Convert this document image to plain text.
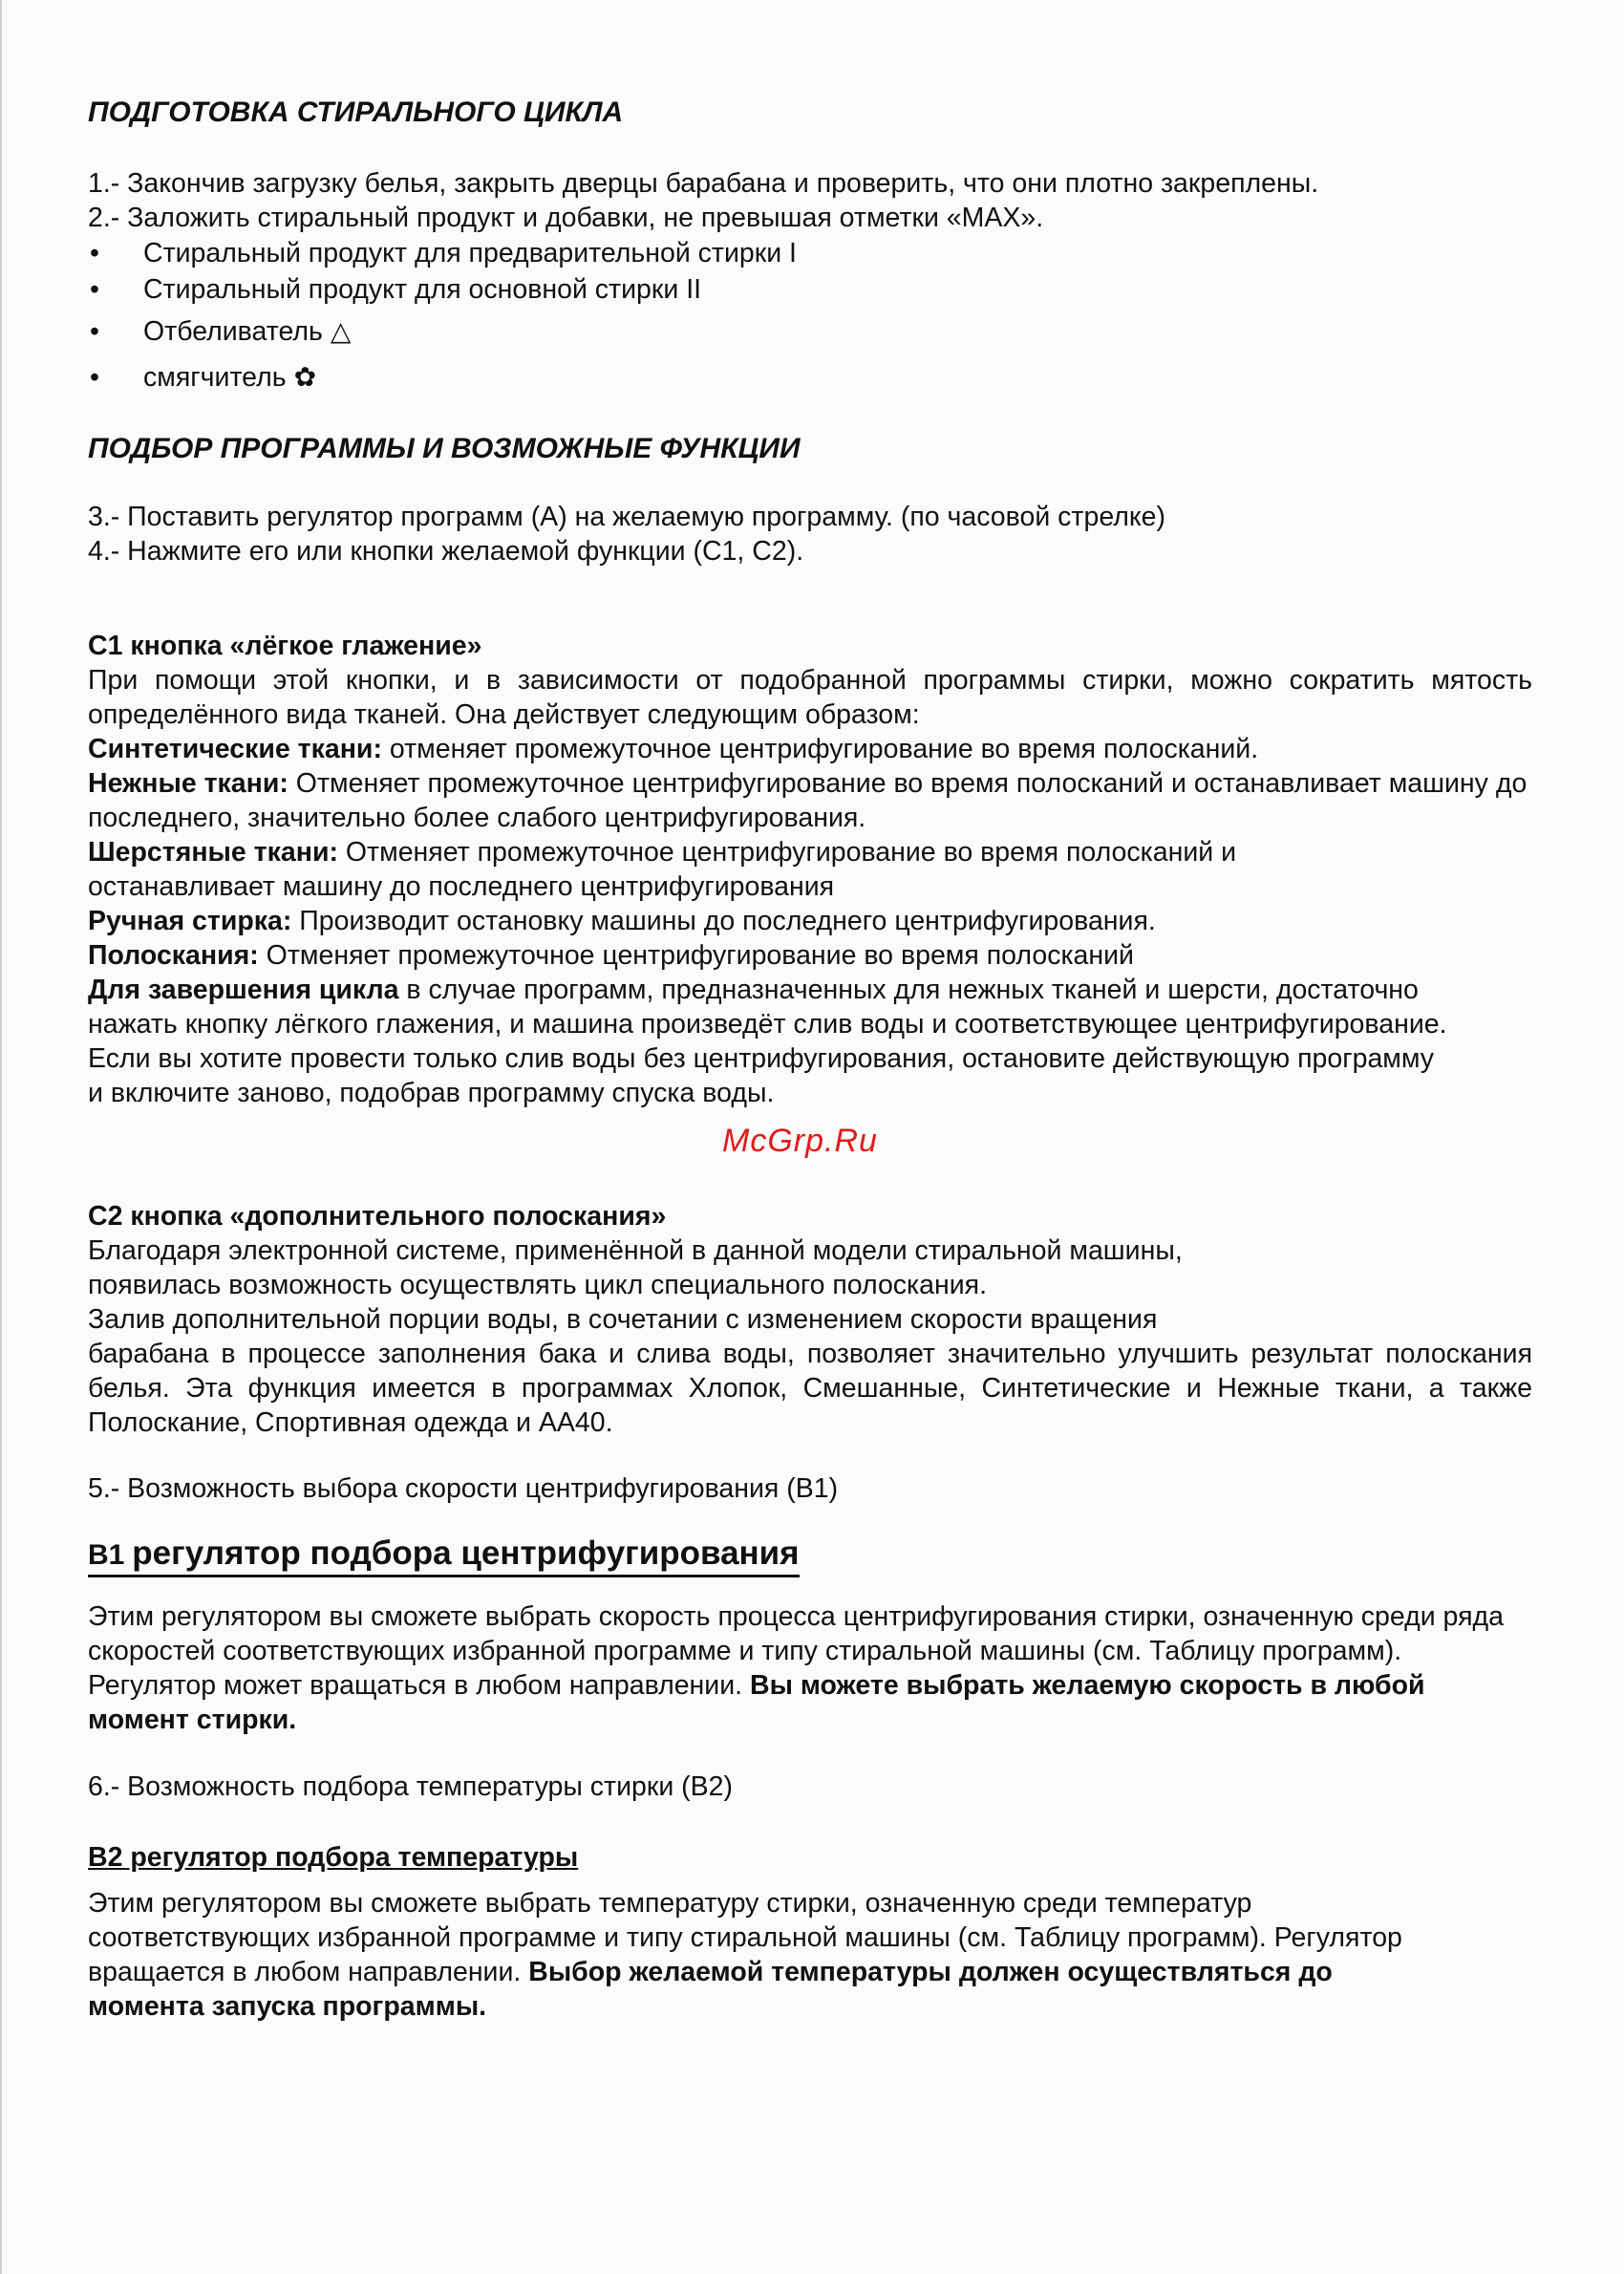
ПОДГОТОВКА СТИРАЛЬНОГО ЦИКЛА
1.- Закончив загрузку белья, закрыть дверцы барабана и проверить, что они плотно закреплены.
2.- Заложить стиральный продукт и добавки, не превышая отметки «MAX».
• Стиральный продукт для предварительной стирки I
• Стиральный продукт для основной стирки II
• Отбеливатель △
• смягчитель ✿
ПОДБОР ПРОГРАММЫ И ВОЗМОЖНЫЕ ФУНКЦИИ
3.- Поставить регулятор программ (А) на желаемую программу. (по часовой стрелке)
4.- Нажмите его или кнопки желаемой функции (С1, С2).
С1 кнопка «лёгкое глажение»
При помощи этой кнопки, и в зависимости от подобранной программы стирки, можно сократить мятость определённого вида тканей. Она действует следующим образом:
Синтетические ткани: отменяет промежуточное центрифугирование во время полосканий.
Нежные ткани: Отменяет промежуточное центрифугирование во время полосканий и останавливает машину до последнего, значительно более слабого центрифугирования.
Шерстяные ткани: Отменяет промежуточное центрифугирование во время полосканий и останавливает машину до последнего центрифугирования
Ручная стирка: Производит остановку машины до последнего центрифугирования.
Полоскания: Отменяет промежуточное центрифугирование во время полосканий
Для завершения цикла в случае программ, предназначенных для нежных тканей и шерсти, достаточно нажать кнопку лёгкого глажения, и машина произведёт слив воды и соответствующее центрифугирование.
Если вы хотите провести только слив воды без центрифугирования, остановите действующую программу и включите заново, подобрав программу спуска воды.
McGrp.Ru
С2 кнопка «дополнительного полоскания»
Благодаря электронной системе, применённой в данной модели стиральной машины,
появилась возможность осуществлять цикл специального полоскания.
Залив дополнительной порции воды, в сочетании с изменением скорости вращения
барабана в процессе заполнения бака и слива воды, позволяет значительно улучшить результат полоскания белья. Эта функция имеется в программах Хлопок, Смешанные, Синтетические и Нежные ткани, а также Полоскание, Спортивная одежда и АА40.
5.- Возможность выбора скорости центрифугирования (В1)
B1 регулятор подбора центрифугирования
Этим регулятором вы сможете выбрать скорость процесса центрифугирования стирки, означенную среди ряда скоростей соответствующих избранной программе и типу стиральной машины (см. Таблицу программ). Регулятор может вращаться в любом направлении. Вы можете выбрать желаемую скорость в любой момент стирки.
6.- Возможность подбора температуры стирки (В2)
B2 регулятор подбора температуры
Этим регулятором вы сможете выбрать температуру стирки, означенную среди температур соответствующих избранной программе и типу стиральной машины (см. Таблицу программ). Регулятор вращается в любом направлении. Выбор желаемой температуры должен осуществляться до момента запуска программы.
